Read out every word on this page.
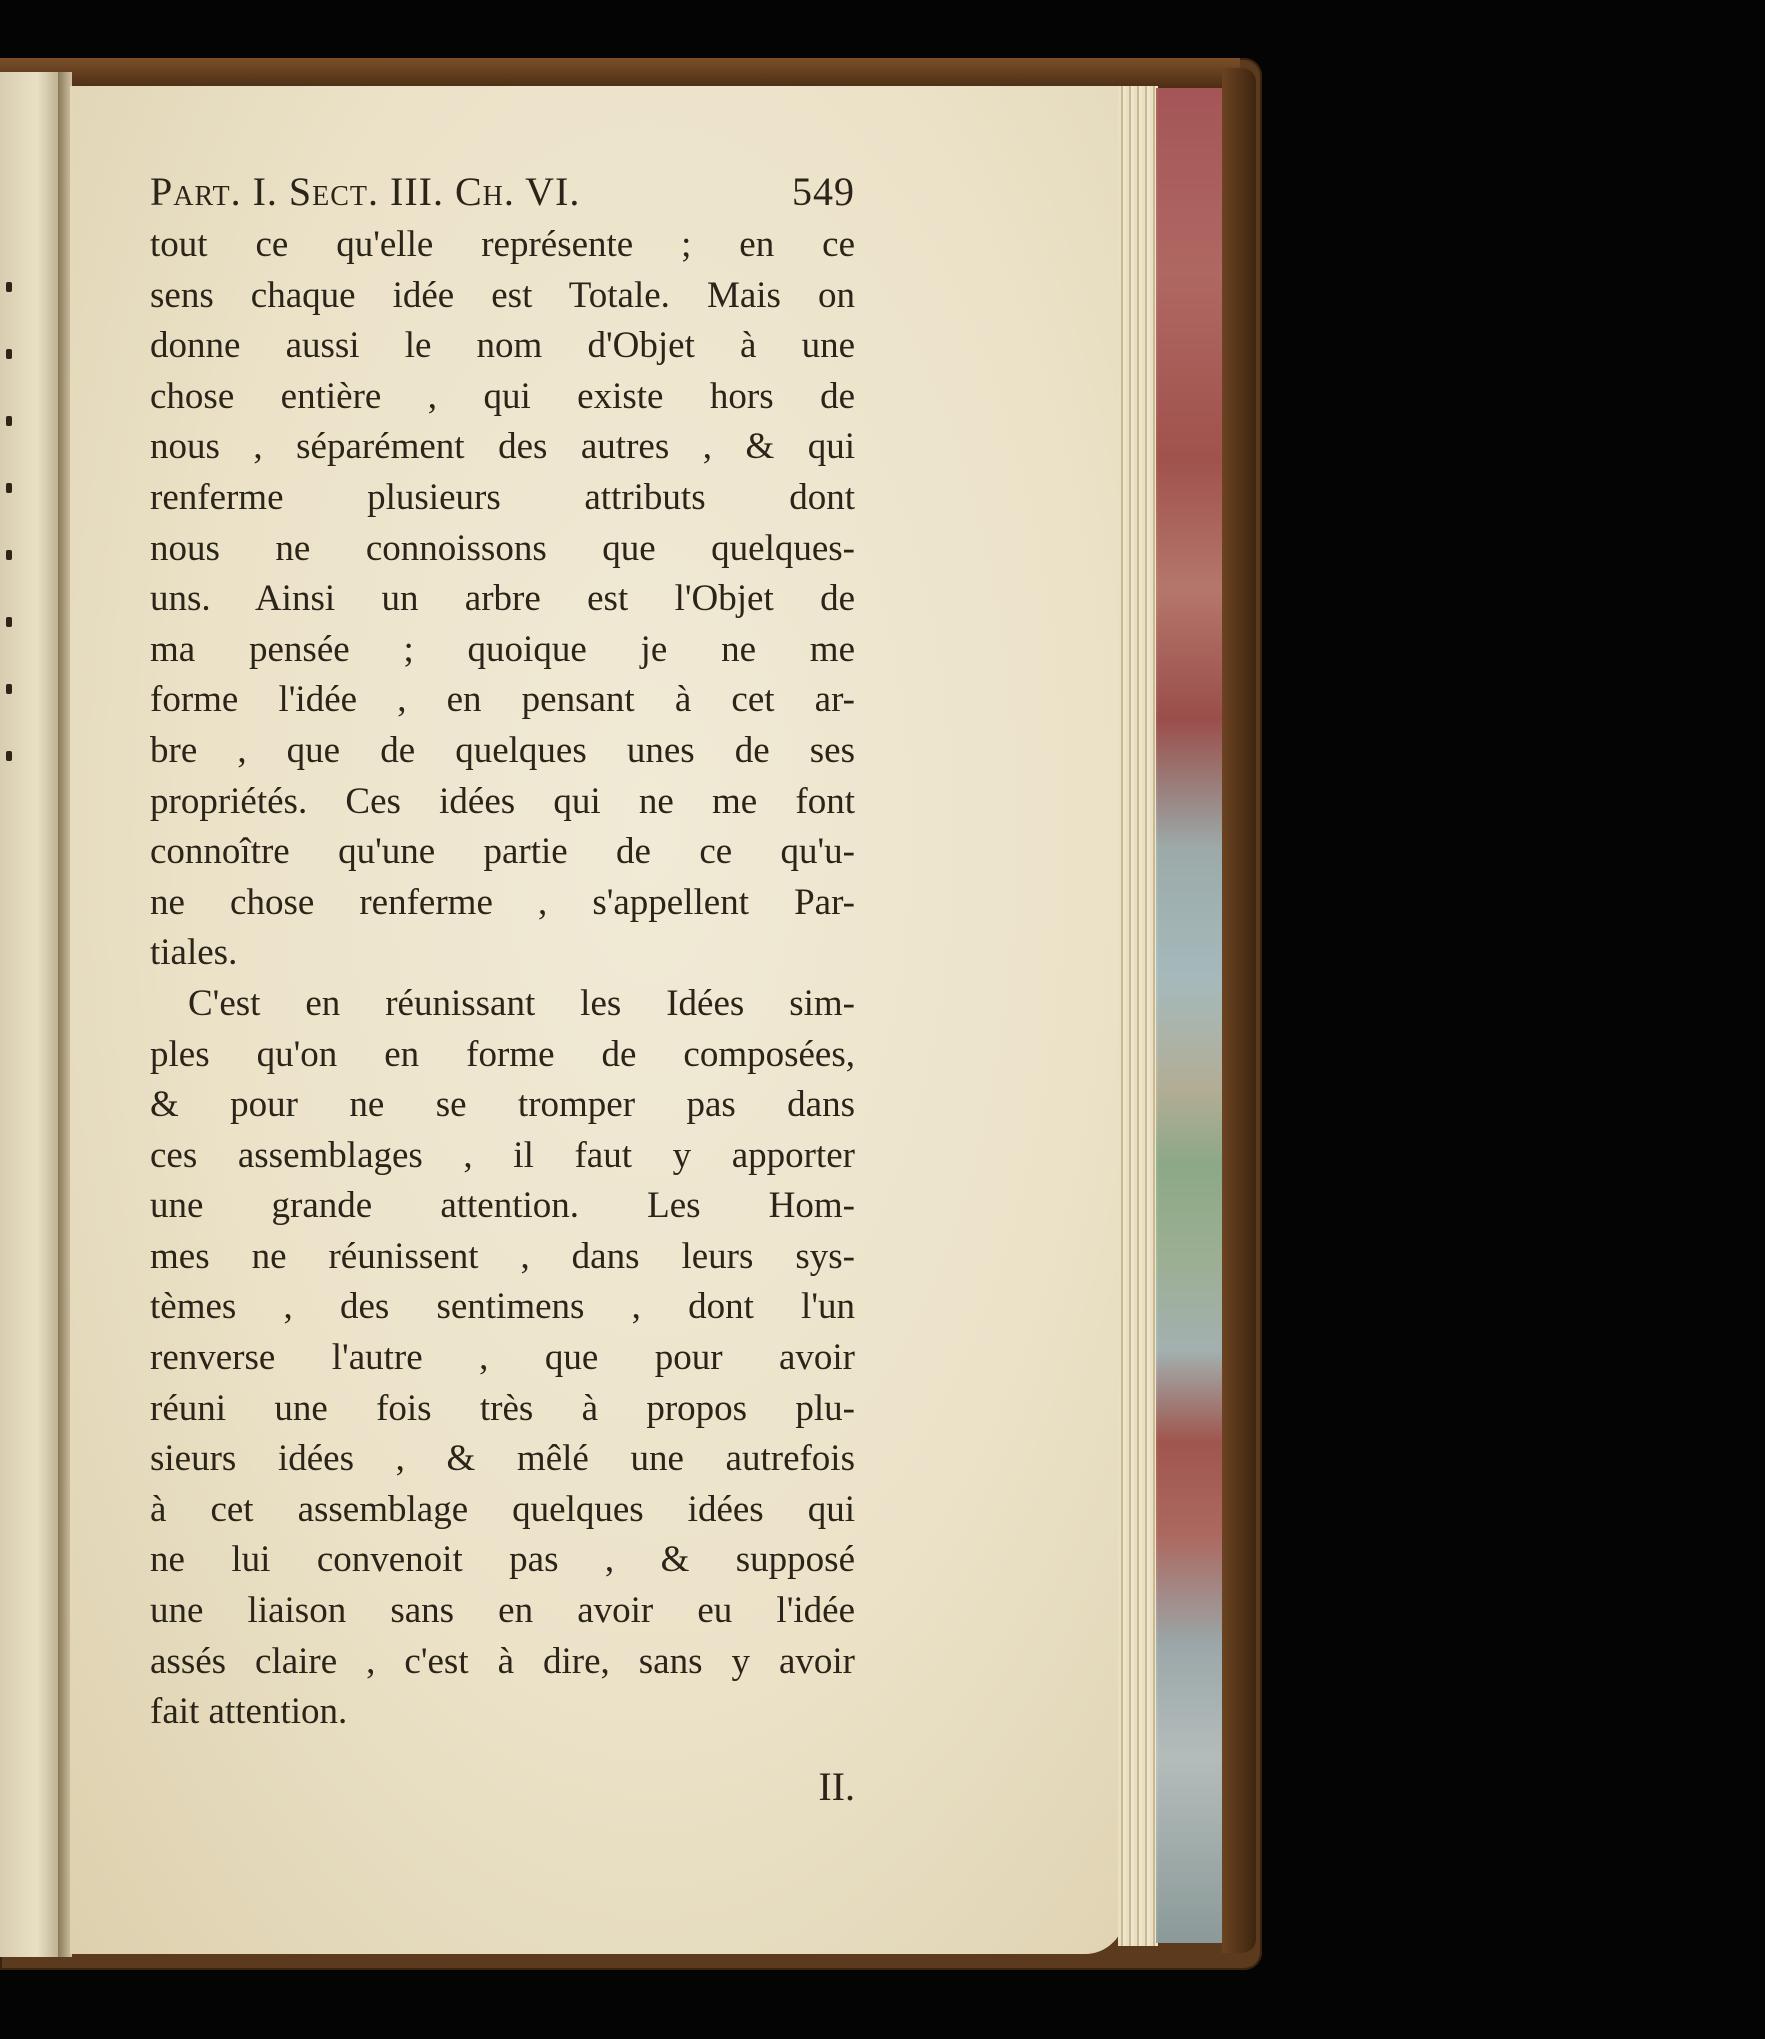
Part. I. Sect. III. Ch. VI.	549
tout ce qu'elle représente ; en ce
sens chaque idée est Totale. Mais on
donne aussi le nom d'Objet à une
chose entière , qui existe hors de
nous , séparément des autres , & qui
renferme plusieurs attributs dont
nous ne connoissons que quelques-
uns. Ainsi un arbre est l'Objet de
ma pensée ; quoique je ne me
forme l'idée , en pensant à cet ar-
bre , que de quelques unes de ses
propriétés. Ces idées qui ne me font
connoître qu'une partie de ce qu'u-
ne chose renferme , s'appellent Par-
tiales.
C'est en réunissant les Idées sim-
ples qu'on en forme de composées,
& pour ne se tromper pas dans
ces assemblages , il faut y apporter
une grande attention. Les Hom-
mes ne réunissent , dans leurs sys-
tèmes , des sentimens , dont l'un
renverse l'autre , que pour avoir
réuni une fois très à propos plu-
sieurs idées , & mêlé une autrefois
à cet assemblage quelques idées qui
ne lui convenoit pas , & supposé
une liaison sans en avoir eu l'idée
assés claire , c'est à dire, sans y avoir
fait attention.
II.
